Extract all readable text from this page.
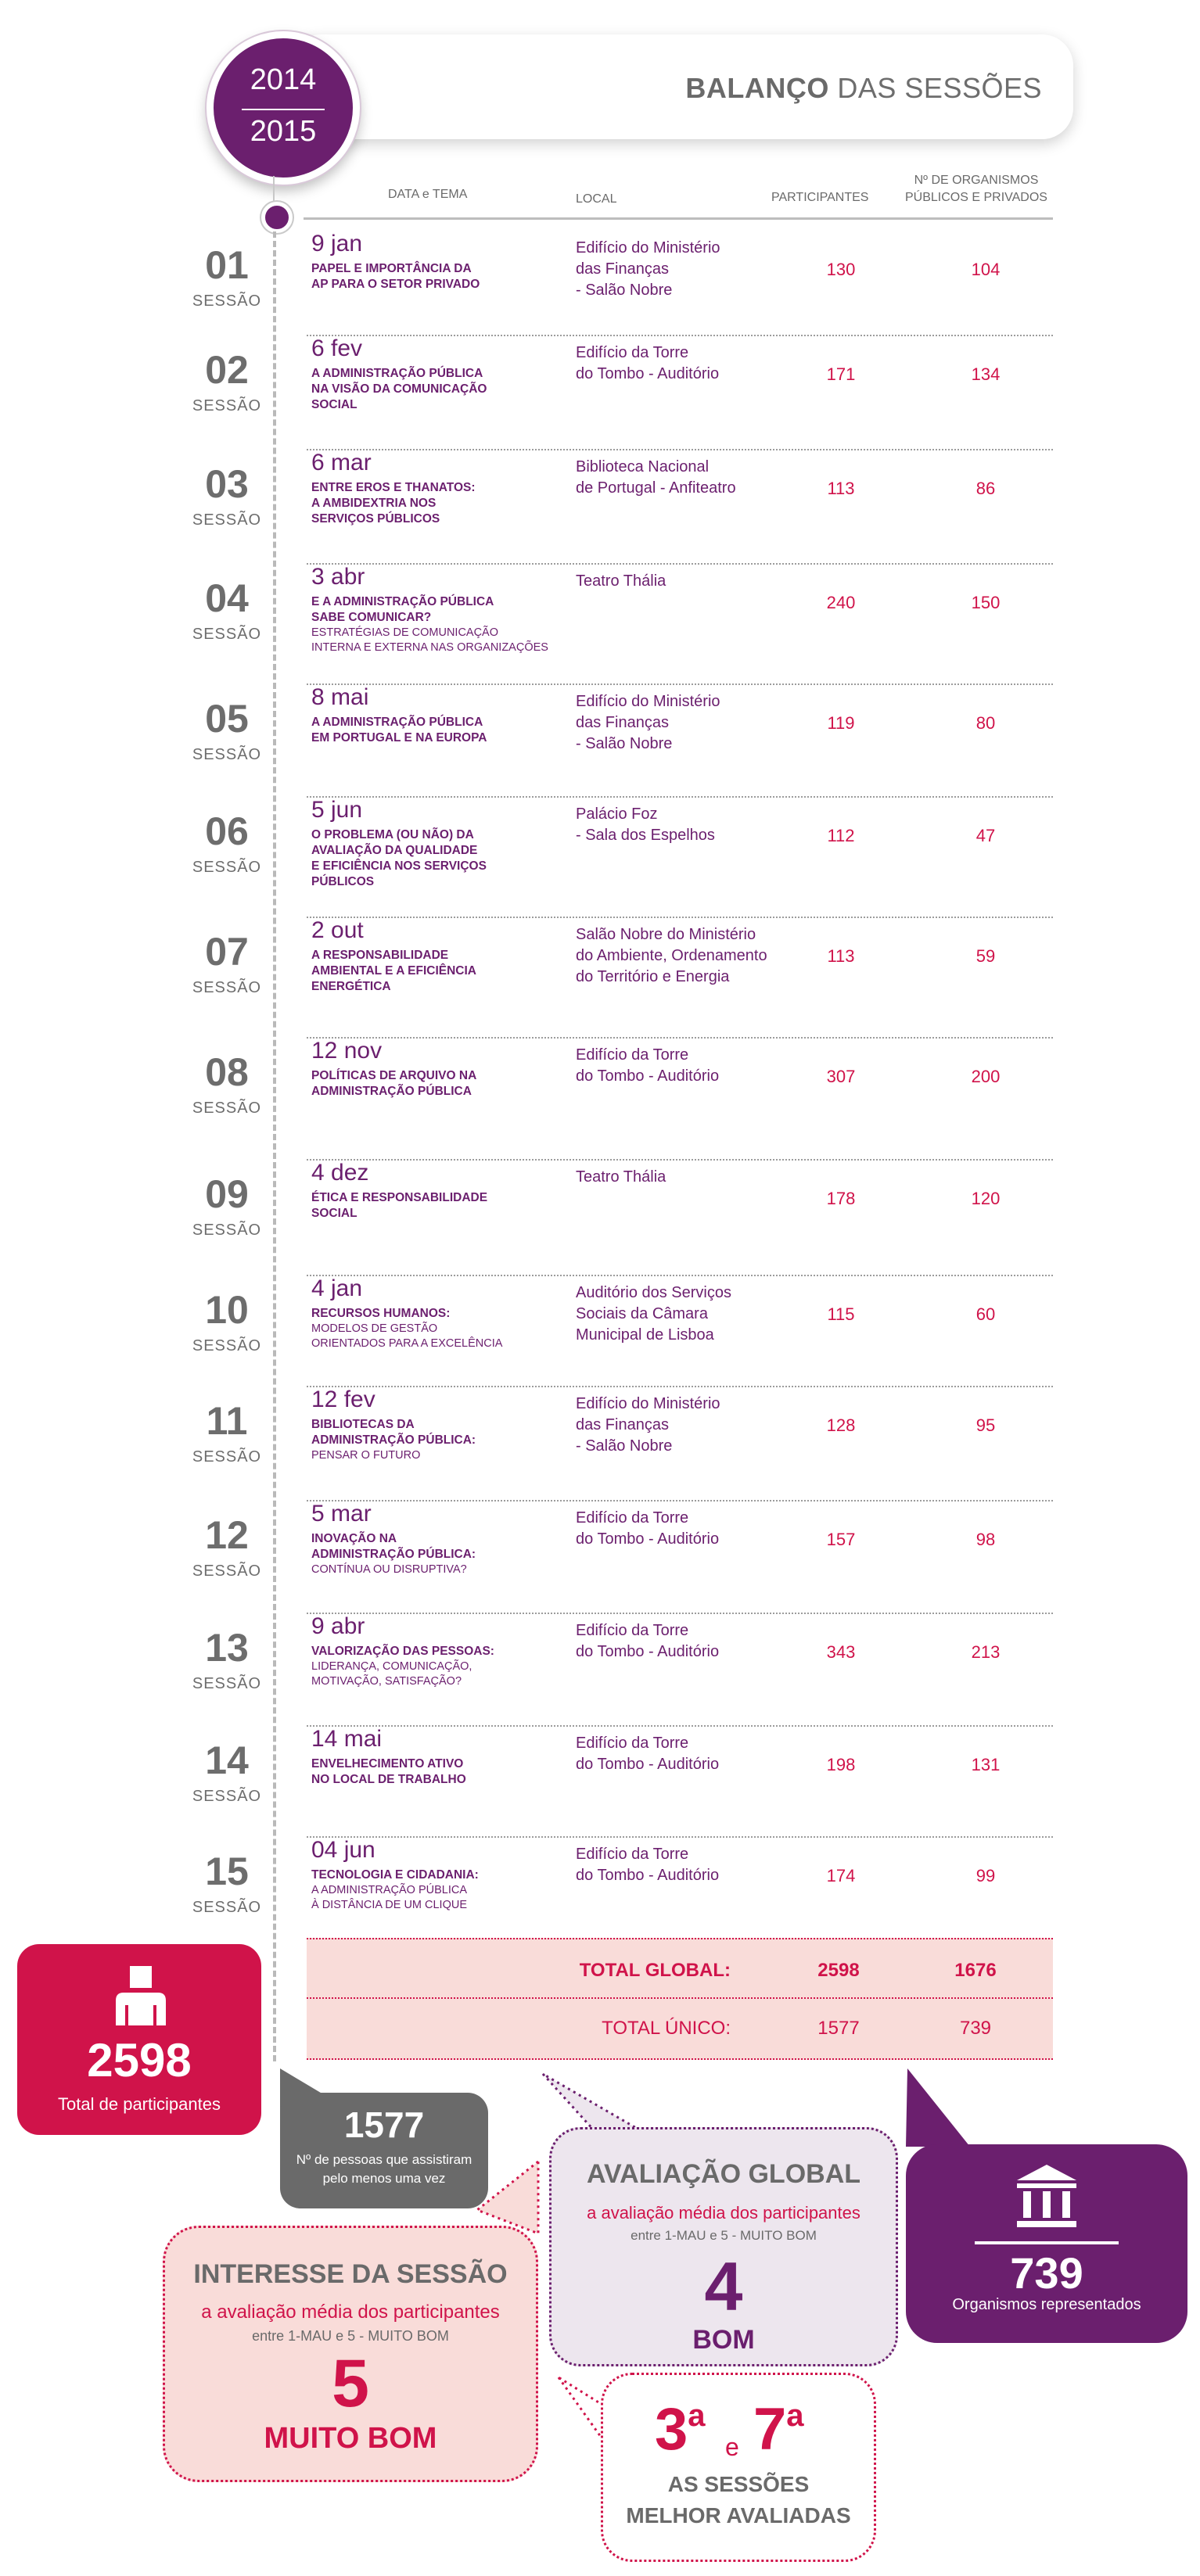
BALANÇO DAS SESSÕES
2014
2015
DATA e TEMA	LOCAL	PARTICIPANTES
Nº DE ORGANISMOS
PÚBLICOS E PRIVADOS
01
SESSÃO
9 jan
PAPEL E IMPORTÂNCIA DA
AP PARA O SETOR PRIVADO
Edifício do Ministério
das Finanças
- Salão Nobre
130	104
02
SESSÃO
6 fev
A ADMINISTRAÇÃO PÚBLICA
NA VISÃO DA COMUNICAÇÃO
SOCIAL
Edifício da Torre
do Tombo - Auditório	171	134
03
SESSÃO
6 mar
ENTRE EROS E THANATOS:
A AMBIDEXTRIA NOS
SERVIÇOS PÚBLICOS
Biblioteca Nacional
de Portugal - Anfiteatro	113	86
04
SESSÃO
3 abr
E A ADMINISTRAÇÃO PÚBLICA
SABE COMUNICAR?
ESTRATÉGIAS DE COMUNICAÇÃO
INTERNA E EXTERNA NAS ORGANIZAÇÕES
Teatro Thália
240	150
05
SESSÃO
8 mai
A ADMINISTRAÇÃO PÚBLICA
EM PORTUGAL E NA EUROPA
Edifício do Ministério
das Finanças
- Salão Nobre
119	80
06
SESSÃO
5 jun
O PROBLEMA (OU NÃO) DA
AVALIAÇÃO DA QUALIDADE
E EFICIÊNCIA NOS SERVIÇOS
PÚBLICOS
Palácio Foz
- Sala dos Espelhos	112	47
07
SESSÃO
2 out
A RESPONSABILIDADE
AMBIENTAL E A EFICIÊNCIA
ENERGÉTICA
Salão Nobre do Ministério
do Ambiente, Ordenamento
do Território e Energia
113	59
08
SESSÃO
12 nov
POLÍTICAS DE ARQUIVO NA
ADMINISTRAÇÃO PÚBLICA
Edifício da Torre
do Tombo - Auditório	307	200
09
SESSÃO
4 dez
ÉTICA E RESPONSABILIDADE
SOCIAL
Teatro Thália
178	120
10
SESSÃO
4 jan
RECURSOS HUMANOS:
MODELOS DE GESTÃO
ORIENTADOS PARA A EXCELÊNCIA
Auditório dos Serviços
Sociais da Câmara
Municipal de Lisboa
115	60
11
SESSÃO
12 fev
BIBLIOTECAS DA
ADMINISTRAÇÃO PÚBLICA:
PENSAR O FUTURO
Edifício do Ministério
das Finanças
- Salão Nobre
128	95
12
SESSÃO
5 mar
INOVAÇÃO NA
ADMINISTRAÇÃO PÚBLICA:
CONTÍNUA OU DISRUPTIVA?
Edifício da Torre
do Tombo - Auditório	157	98
13
SESSÃO
9 abr
VALORIZAÇÃO DAS PESSOAS:
LIDERANÇA, COMUNICAÇÃO,
MOTIVAÇÃO, SATISFAÇÃO?
Edifício da Torre
do Tombo - Auditório	343	213
14
SESSÃO
14 mai
ENVELHECIMENTO ATIVO
NO LOCAL DE TRABALHO
Edifício da Torre
do Tombo - Auditório	198	131
15
SESSÃO
04 jun
TECNOLOGIA E CIDADANIA:
A ADMINISTRAÇÃO PÚBLICA
À DISTÂNCIA DE UM CLIQUE
Edifício da Torre
do Tombo - Auditório	174	99
TOTAL GLOBAL:	2598	1676
TOTAL ÚNICO:	1577	739
2598
Total de participantes
1577
Nº de pessoas que assistiram
pelo menos uma vez	AVALIAÇÃO GLOBAL
a avaliação média dos participantes
entre 1-MAU e 5 - MUITO BOM
4
BOM
739
Organismos representados
INTERESSE DA SESSÃO
a avaliação média dos participantes
entre 1-MAU e 5 - MUITO BOM
5
MUITO BOM	3$^a$
e 7$^a$
AS SESSÕES
MELHOR AVALIADAS
